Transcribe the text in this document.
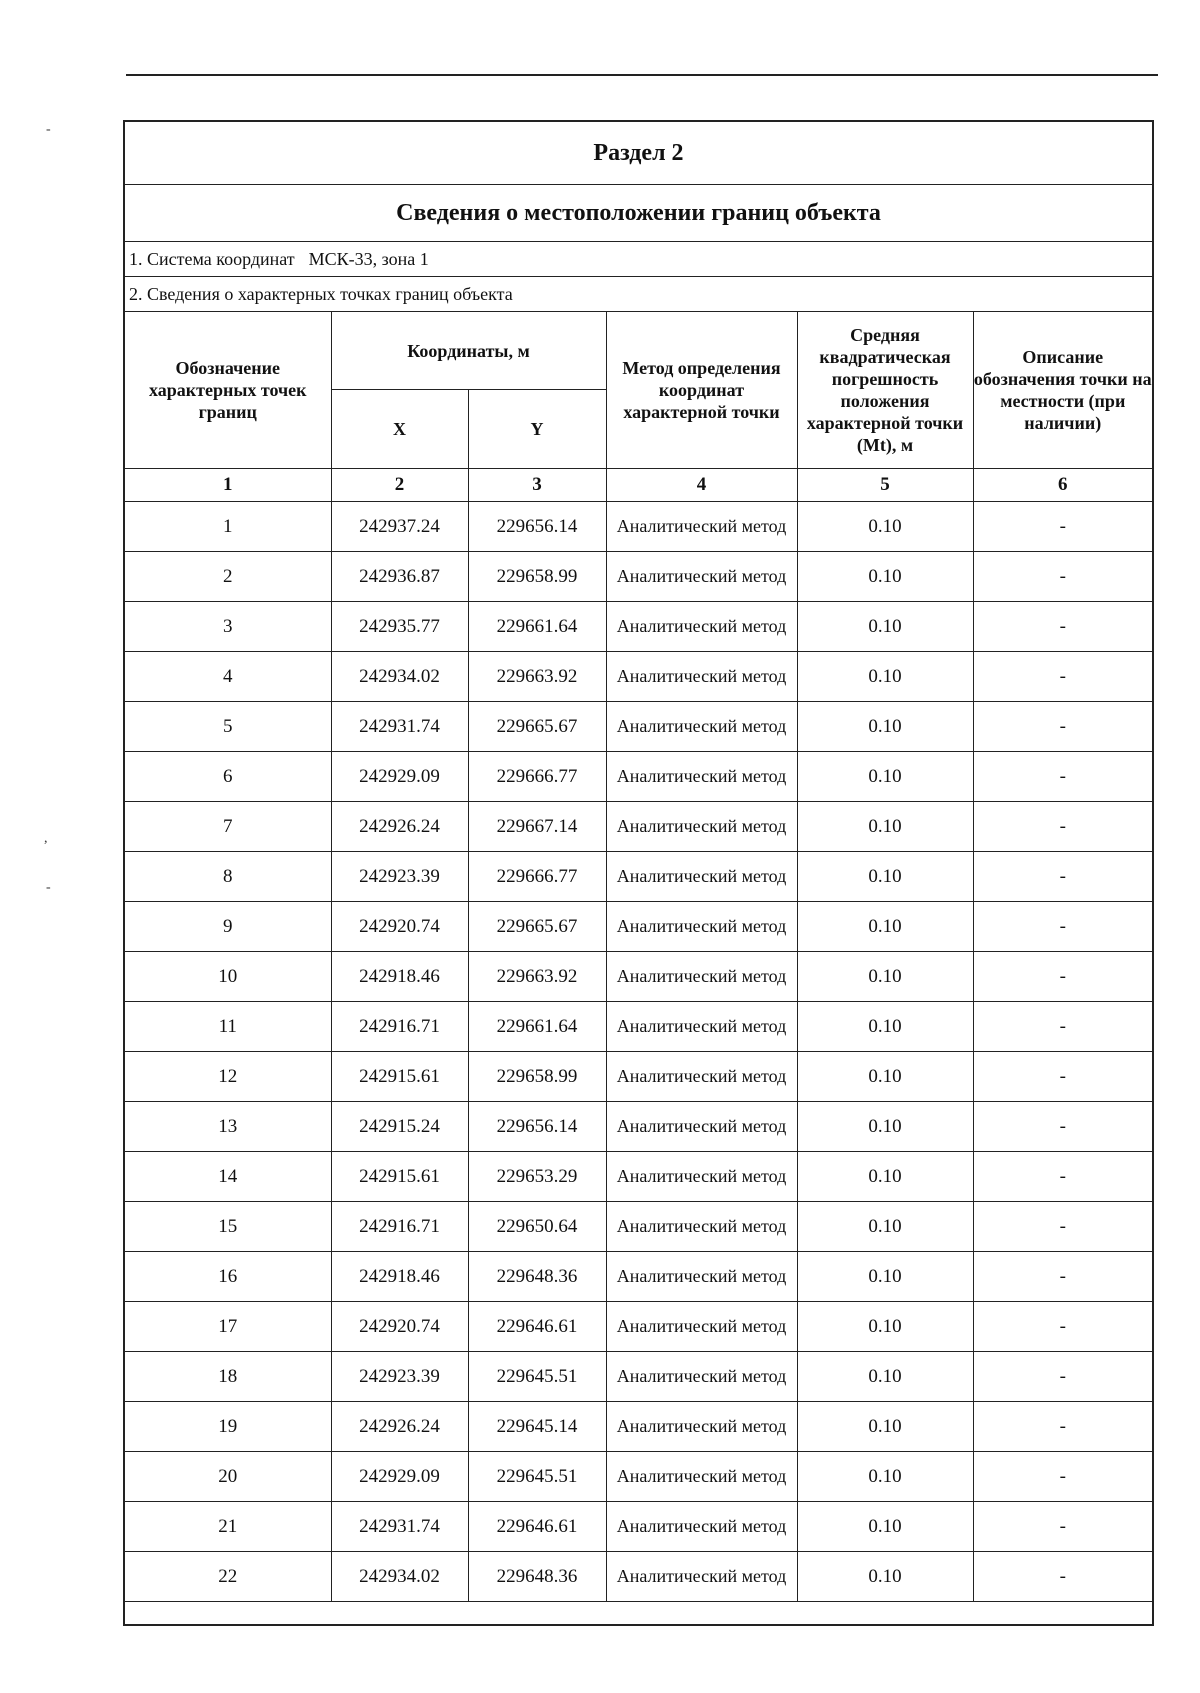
Раздел 2
Сведения о местоположении границ объекта
1. Система координат МСК-33, зона 1
2. Сведения о характерных точках границ объекта
Обозначение характерных точек границ	Координаты, м		Метод определения координат характерной точки	Средняя квадратическая погрешность положения характерной точки (Mt), м	Описание обозначения точки на местности (при наличии)
	X	Y			
1	2	3	4	5	6
1	242937.24	229656.14	Аналитический метод	0.10	-
2	242936.87	229658.99	Аналитический метод	0.10	-
3	242935.77	229661.64	Аналитический метод	0.10	-
4	242934.02	229663.92	Аналитический метод	0.10	-
5	242931.74	229665.67	Аналитический метод	0.10	-
6	242929.09	229666.77	Аналитический метод	0.10	-
7	242926.24	229667.14	Аналитический метод	0.10	-
8	242923.39	229666.77	Аналитический метод	0.10	-
9	242920.74	229665.67	Аналитический метод	0.10	-
10	242918.46	229663.92	Аналитический метод	0.10	-
11	242916.71	229661.64	Аналитический метод	0.10	-
12	242915.61	229658.99	Аналитический метод	0.10	-
13	242915.24	229656.14	Аналитический метод	0.10	-
14	242915.61	229653.29	Аналитический метод	0.10	-
15	242916.71	229650.64	Аналитический метод	0.10	-
16	242918.46	229648.36	Аналитический метод	0.10	-
17	242920.74	229646.61	Аналитический метод	0.10	-
18	242923.39	229645.51	Аналитический метод	0.10	-
19	242926.24	229645.14	Аналитический метод	0.10	-
20	242929.09	229645.51	Аналитический метод	0.10	-
21	242931.74	229646.61	Аналитический метод	0.10	-
22	242934.02	229648.36	Аналитический метод	0.10	-

-
,
-
